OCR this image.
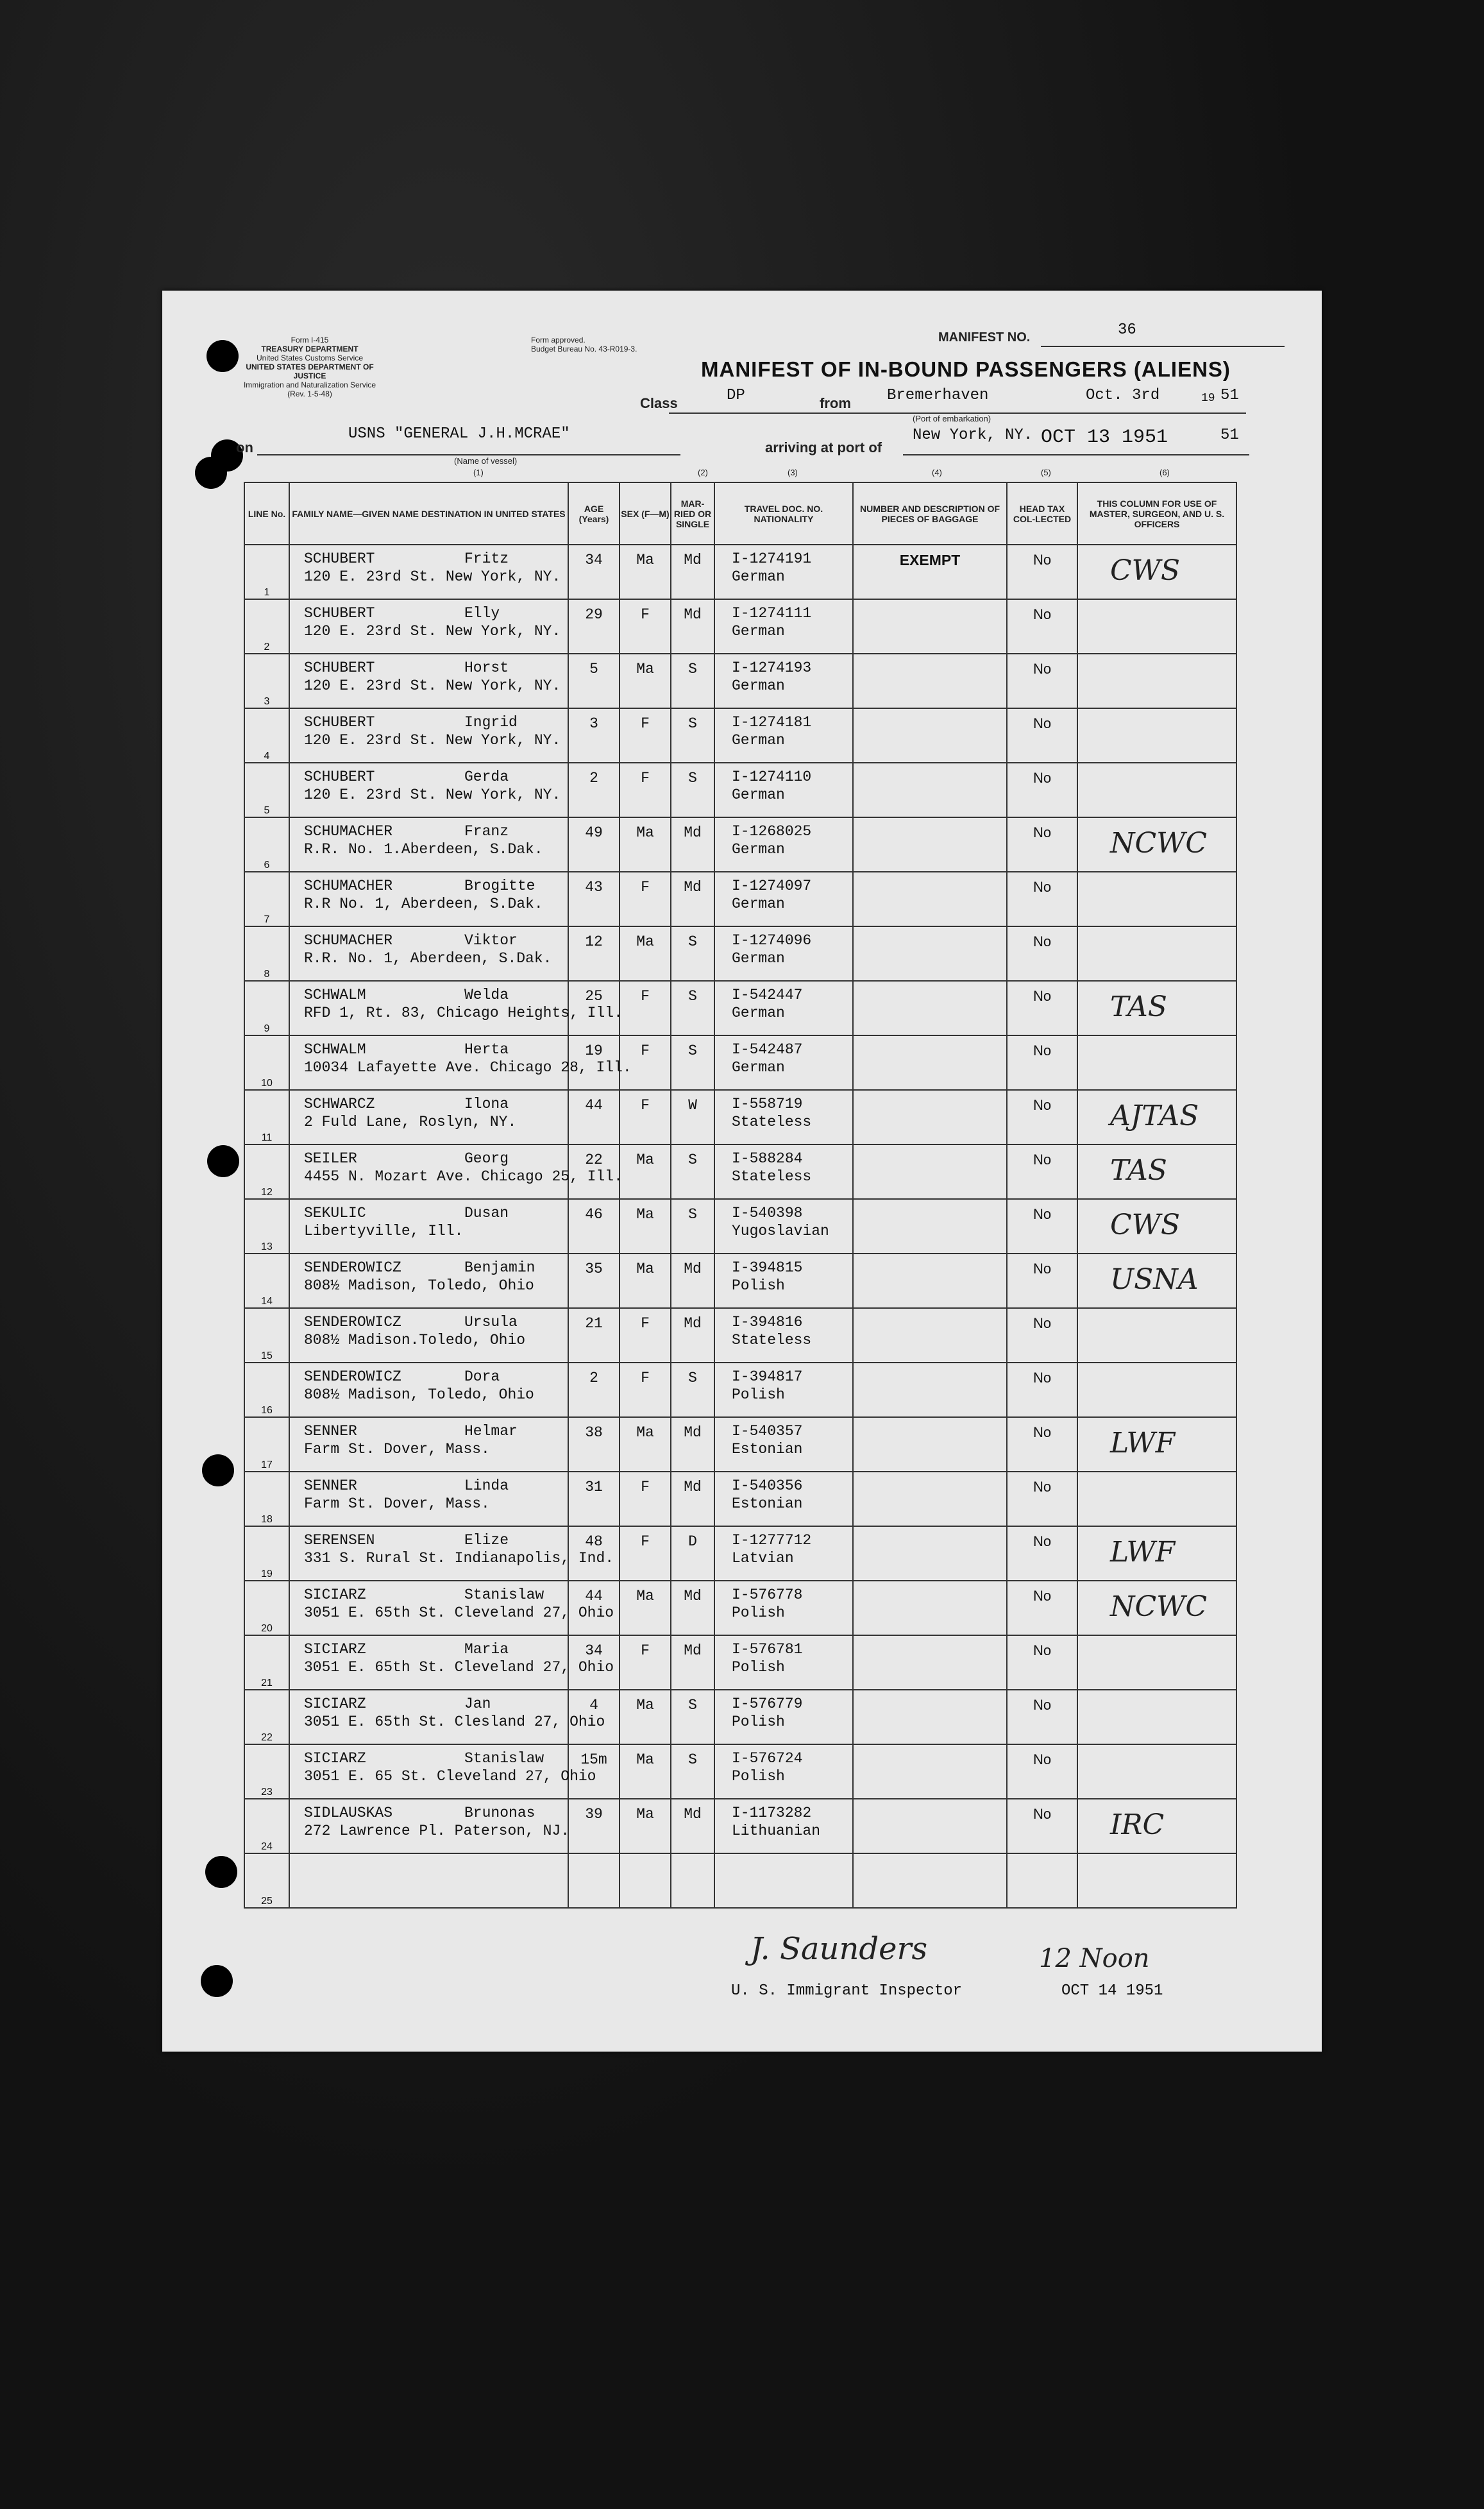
Form I-415
TREASURY DEPARTMENT
United States Customs Service
UNITED STATES DEPARTMENT OF JUSTICE
Immigration and Naturalization Service
(Rev. 1-5-48)
Form approved.
Budget Bureau No. 43-R019-3.
MANIFEST NO.	36
Class	DP	from Bremerhaven	Oct. 3rd	19 51
(Port of embarkation)
on
USNS "GENERAL J.H.MCRAE"
(Name of vessel)
arriving at port of
New York, NY. OCT 13 1951	51
(1)	(2)	(3)	(4)	(5)	(6)
MANIFEST OF IN-BOUND PASSENGERS (ALIENS)
LINE No.	FAMILY NAME—GIVEN NAME DESTINATION IN UNITED STATES	AGE (Years)	SEX (F—M)	MAR-RIED OR SINGLE	TRAVEL DOC. NO. NATIONALITY	NUMBER AND DESCRIPTION OF PIECES OF BAGGAGE	HEAD TAX COL-LECTED	THIS COLUMN FOR USE OF MASTER, SURGEON, AND U. S. OFFICERS
1	SCHUBERT Fritz
120 E. 23rd St. New York, NY.	34	Ma	Md	I-1274191
German	EXEMPT	No	CWS

2	SCHUBERT Elly
120 E. 23rd St. New York, NY.	29	F	Md	I-1274111
German		No	

3	SCHUBERT Horst
120 E. 23rd St. New York, NY.	5	Ma	S	I-1274193
German		No	

4	SCHUBERT Ingrid
120 E. 23rd St. New York, NY.	3	F	S	I-1274181
German		No	

5	SCHUBERT Gerda
120 E. 23rd St. New York, NY.	2	F	S	I-1274110
German		No	

6	SCHUMACHER Franz
R.R. No. 1.Aberdeen, S.Dak.	49	Ma	Md	I-1268025
German		No	NCWC

7	SCHUMACHER Brogitte
R.R No. 1, Aberdeen, S.Dak.	43	F	Md	I-1274097
German		No	

8	SCHUMACHER Viktor
R.R. No. 1, Aberdeen, S.Dak.	12	Ma	S	I-1274096
German		No	

9	SCHWALM Welda
RFD 1, Rt. 83, Chicago Heights, Ill.	25	F	S	I-542447
German		No	TAS

10	SCHWALM Herta
10034 Lafayette Ave. Chicago 28, Ill.	19	F	S	I-542487
German		No	

11	SCHWARCZ Ilona
2 Fuld Lane, Roslyn, NY.	44	F	W	I-558719
Stateless		No	AJTAS

12	SEILER Georg
4455 N. Mozart Ave. Chicago 25, Ill.	22	Ma	S	I-588284
Stateless		No	TAS

13	SEKULIC Dusan
Libertyville, Ill.	46	Ma	S	I-540398
Yugoslavian		No	CWS

14	SENDEROWICZ Benjamin
808½ Madison, Toledo, Ohio	35	Ma	Md	I-394815
Polish		No	USNA

15	SENDEROWICZ Ursula
808½ Madison.Toledo, Ohio	21	F	Md	I-394816
Stateless		No	

16	SENDEROWICZ Dora
808½ Madison, Toledo, Ohio	2	F	S	I-394817
Polish		No	

17	SENNER Helmar
Farm St. Dover, Mass.	38	Ma	Md	I-540357
Estonian		No	LWF

18	SENNER Linda
Farm St. Dover, Mass.	31	F	Md	I-540356
Estonian		No	

19	SERENSEN Elize
331 S. Rural St. Indianapolis, Ind.	48	F	D	I-1277712
Latvian		No	LWF

20	SICIARZ Stanislaw
3051 E. 65th St. Cleveland 27, Ohio	44	Ma	Md	I-576778
Polish		No	NCWC

21	SICIARZ Maria
3051 E. 65th St. Cleveland 27, Ohio	34	F	Md	I-576781
Polish		No	

22	SICIARZ Jan
3051 E. 65th St. Clesland 27, Ohio	4	Ma	S	I-576779
Polish		No	

23	SICIARZ Stanislaw
3051 E. 65 St. Cleveland 27, Ohio	15m	Ma	S	I-576724
Polish		No	

24	SIDLAUSKAS Brunonas
272 Lawrence Pl. Paterson, NJ.	39	Ma	Md	I-1173282
Lithuanian		No	IRC

25	

J. Saunders	12 Noon
U. S. Immigrant Inspector	OCT 14 1951
